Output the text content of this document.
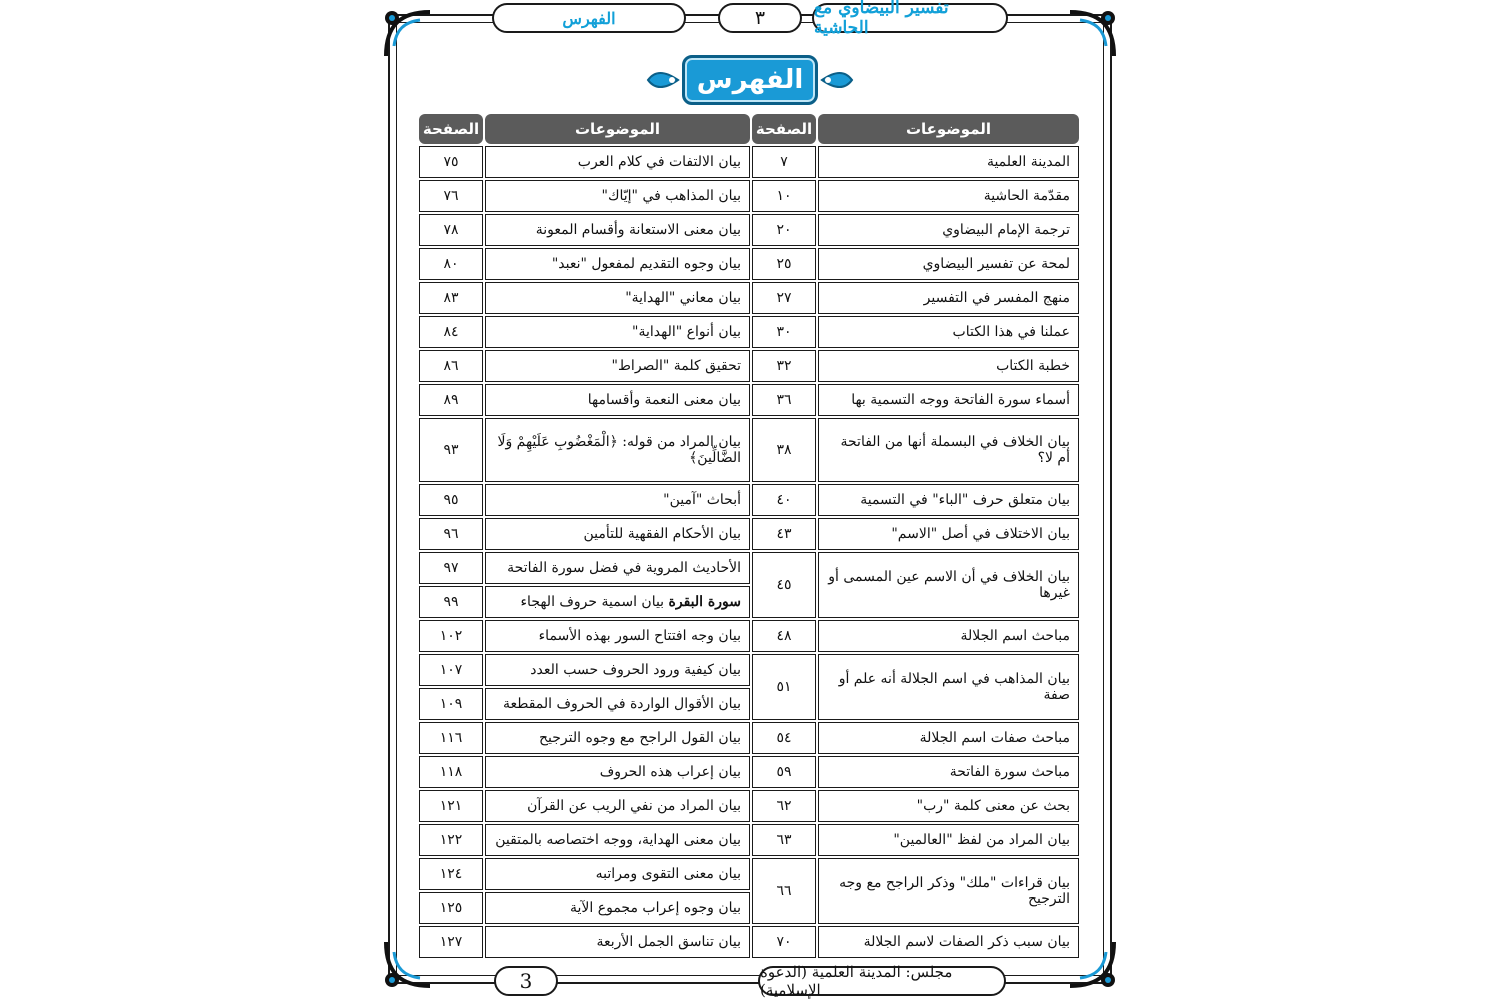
الفهرس	٣	تفسير البيضاوي مع الحاشية
الفهرس
الموضوعات	الصفحة	الموضوعات	الصفحة
المدينة العلمية	٧	بيان الالتفات في كلام العرب	٧٥
مقدّمة الحاشية	١٠	بيان المذاهب في "إيّاك"	٧٦
ترجمة الإمام البيضاوي	٢٠	بيان معنى الاستعانة وأقسام المعونة	٧٨
لمحة عن تفسير البيضاوي	٢٥	بيان وجوه التقديم لمفعول "نعبد"	٨٠
منهج المفسر في التفسير	٢٧	بيان معاني "الهداية"	٨٣
عملنا في هذا الكتاب	٣٠	بيان أنواع "الهداية"	٨٤
خطبة الكتاب	٣٢	تحقيق كلمة "الصراط"	٨٦
أسماء سورة الفاتحة ووجه التسمية بها	٣٦	بيان معنى النعمة وأقسامها	٨٩
بيان الخلاف في البسملة أنها من الفاتحة أم لا؟	٣٨	بيان المراد من قوله: ﴿الْمَغْضُوبِ عَلَيْهِمْ وَلَا الضَّالِّينَ﴾	٩٣
بيان متعلق حرف "الباء" في التسمية	٤٠	أبحاث "آمين"	٩٥
بيان الاختلاف في أصل "الاسم"	٤٣	بيان الأحكام الفقهية للتأمين	٩٦
بيان الخلاف في أن الاسم عين المسمى أو غيرها	٤٥	الأحاديث المروية في فضل سورة الفاتحة	٩٧
		سورة البقرة بيان اسمية حروف الهجاء	٩٩
مباحث اسم الجلالة	٤٨	بيان وجه افتتاح السور بهذه الأسماء	١٠٢
بيان المذاهب في اسم الجلالة أنه علم أو صفة	٥١	بيان كيفية ورود الحروف حسب العدد	١٠٧
		بيان الأقوال الواردة في الحروف المقطعة	١٠٩
مباحث صفات اسم الجلالة	٥٤	بيان القول الراجح مع وجوه الترجيح	١١٦
مباحث سورة الفاتحة	٥٩	بيان إعراب هذه الحروف	١١٨
بحث عن معنى كلمة "رب"	٦٢	بيان المراد من نفي الريب عن القرآن	١٢١
بيان المراد من لفظ "العالمين"	٦٣	بيان معنى الهداية، ووجه اختصاصه بالمتقين	١٢٢
بيان قراءات "ملك" وذكر الراجح مع وجه الترجيح	٦٦	بيان معنى التقوى ومراتبه	١٢٤
		بيان وجوه إعراب مجموع الآية	١٢٥
بيان سبب ذكر الصفات لاسم الجلالة	٧٠	بيان تناسق الجمل الأربعة	١٢٧
3	مجلس: المدينة العلمية (الدعوة الإسلامية)
